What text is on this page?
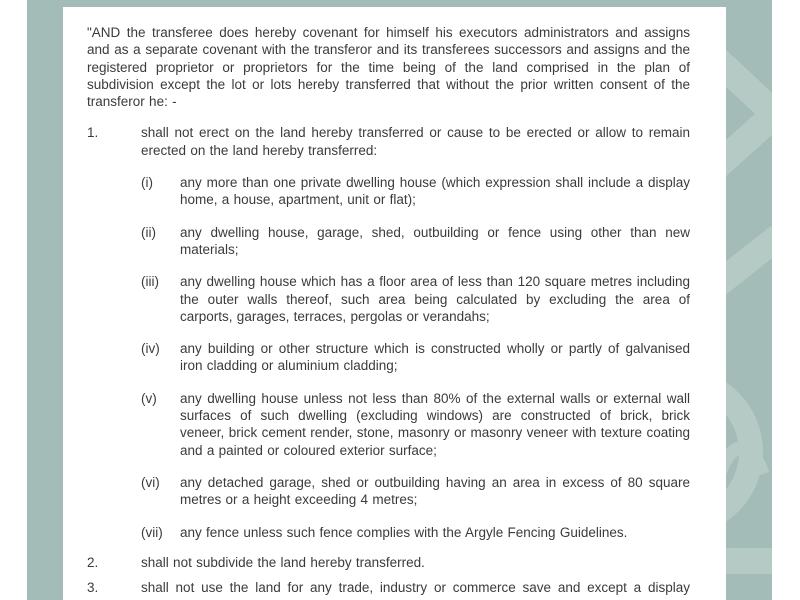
"AND the transferee does hereby covenant for himself his executors administrators and assigns and as a separate covenant with the transferor and its transferees successors and assigns and the registered proprietor or proprietors for the time being of the land comprised in the plan of subdivision except the lot or lots hereby transferred that without the prior written consent of the transferor he: -

1.	shall not erect on the land hereby transferred or cause to be erected or allow to remain erected on the land hereby transferred:
(i)	any more than one private dwelling house (which expression shall include a display home, a house, apartment, unit or flat);
(ii)	any dwelling house, garage, shed, outbuilding or fence using other than new materials;
(iii)	any dwelling house which has a floor area of less than 120 square metres including the outer walls thereof, such area being calculated by excluding the area of carports, garages, terraces, pergolas or verandahs;
(iv)	any building or other structure which is constructed wholly or partly of galvanised iron cladding or aluminium cladding;
(v)	any dwelling house unless not less than 80% of the external walls or external wall surfaces of such dwelling (excluding windows) are constructed of brick, brick veneer, brick cement render, stone, masonry or masonry veneer with texture coating and a painted or coloured exterior surface;
(vi)	any detached garage, shed or outbuilding having an area in excess of 80 square metres or a height exceeding 4 metres;
(vii)	any fence unless such fence complies with the Argyle Fencing Guidelines.
2.	shall not subdivide the land hereby transferred.
3.	shall not use the land for any trade, industry or commerce save and except a display
